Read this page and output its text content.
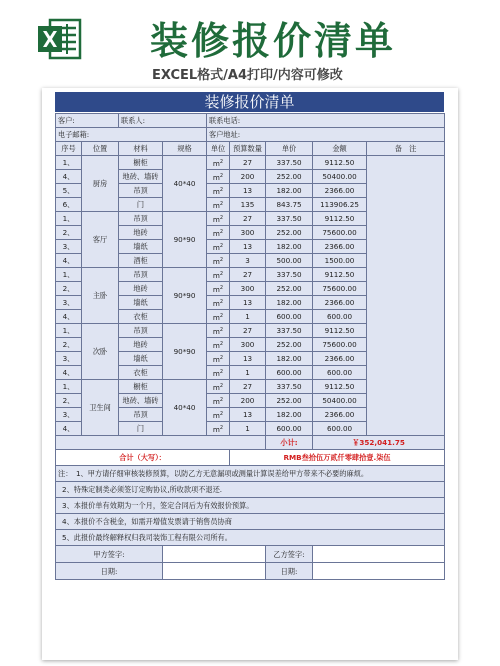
装修报价清单
EXCEL格式/A4打印/内容可修改
装修报价清单
客户:		联系人:		联系电话:				
电子邮箱:				客户地址:				
序号	位置	材料	规格	单位	预算数量	单价	金额	备　注
1、	厨房	橱柜	40*40	$m^2$	27	337.50	9112.50	
4、		地砖、墙砖		$m^2$	200	252.00	50400.00	
5、		吊顶		$m^2$	13	182.00	2366.00	
6、		门		$m^2$	135	843.75	113906.25	
1、	客厅	吊顶	90*90	$m^2$	27	337.50	9112.50	
2、		地砖		$m^2$	300	252.00	75600.00	
3、		墙纸		$m^2$	13	182.00	2366.00	
4、		酒柜		$m^2$	3	500.00	1500.00	
1、	主卧	吊顶	90*90	$m^2$	27	337.50	9112.50	
2、		地砖		$m^2$	300	252.00	75600.00	
3、		墙纸		$m^2$	13	182.00	2366.00	
4、		衣柜		$m^2$	1	600.00	600.00	
1、	次卧	吊顶	90*90	$m^2$	27	337.50	9112.50	
2、		地砖		$m^2$	300	252.00	75600.00	
3、		墙纸		$m^2$	13	182.00	2366.00	
4、		衣柜		$m^2$	1	600.00	600.00	
1、	卫生间	橱柜	40*40	$m^2$	27	337.50	9112.50	
2、		地砖、墙砖		$m^2$	200	252.00	50400.00	
3、		吊顶		$m^2$	13	182.00	2366.00	
4、		门		$m^2$	1	600.00	600.00	
						小计:	￥352,041.75	
合计（大写）：					RMB叁拾伍万贰仟零肆拾壹.柒伍			
注：　1、甲方请仔细审核装修预算，以防乙方无意漏项或测量计算误差给甲方带来不必要的麻烦。								
2、特殊定制类必须签订定购协议,所收款项不退还.								
3、本报价单有效期为一个月，签定合同后为有效报价预算。								
4、本报价不含税金，如需开增值发票请于销售员协商								
5、此报价最终解释权归我司装饰工程有限公司所有。								
甲方签字:						乙方签字:		
日期:						日期:		
